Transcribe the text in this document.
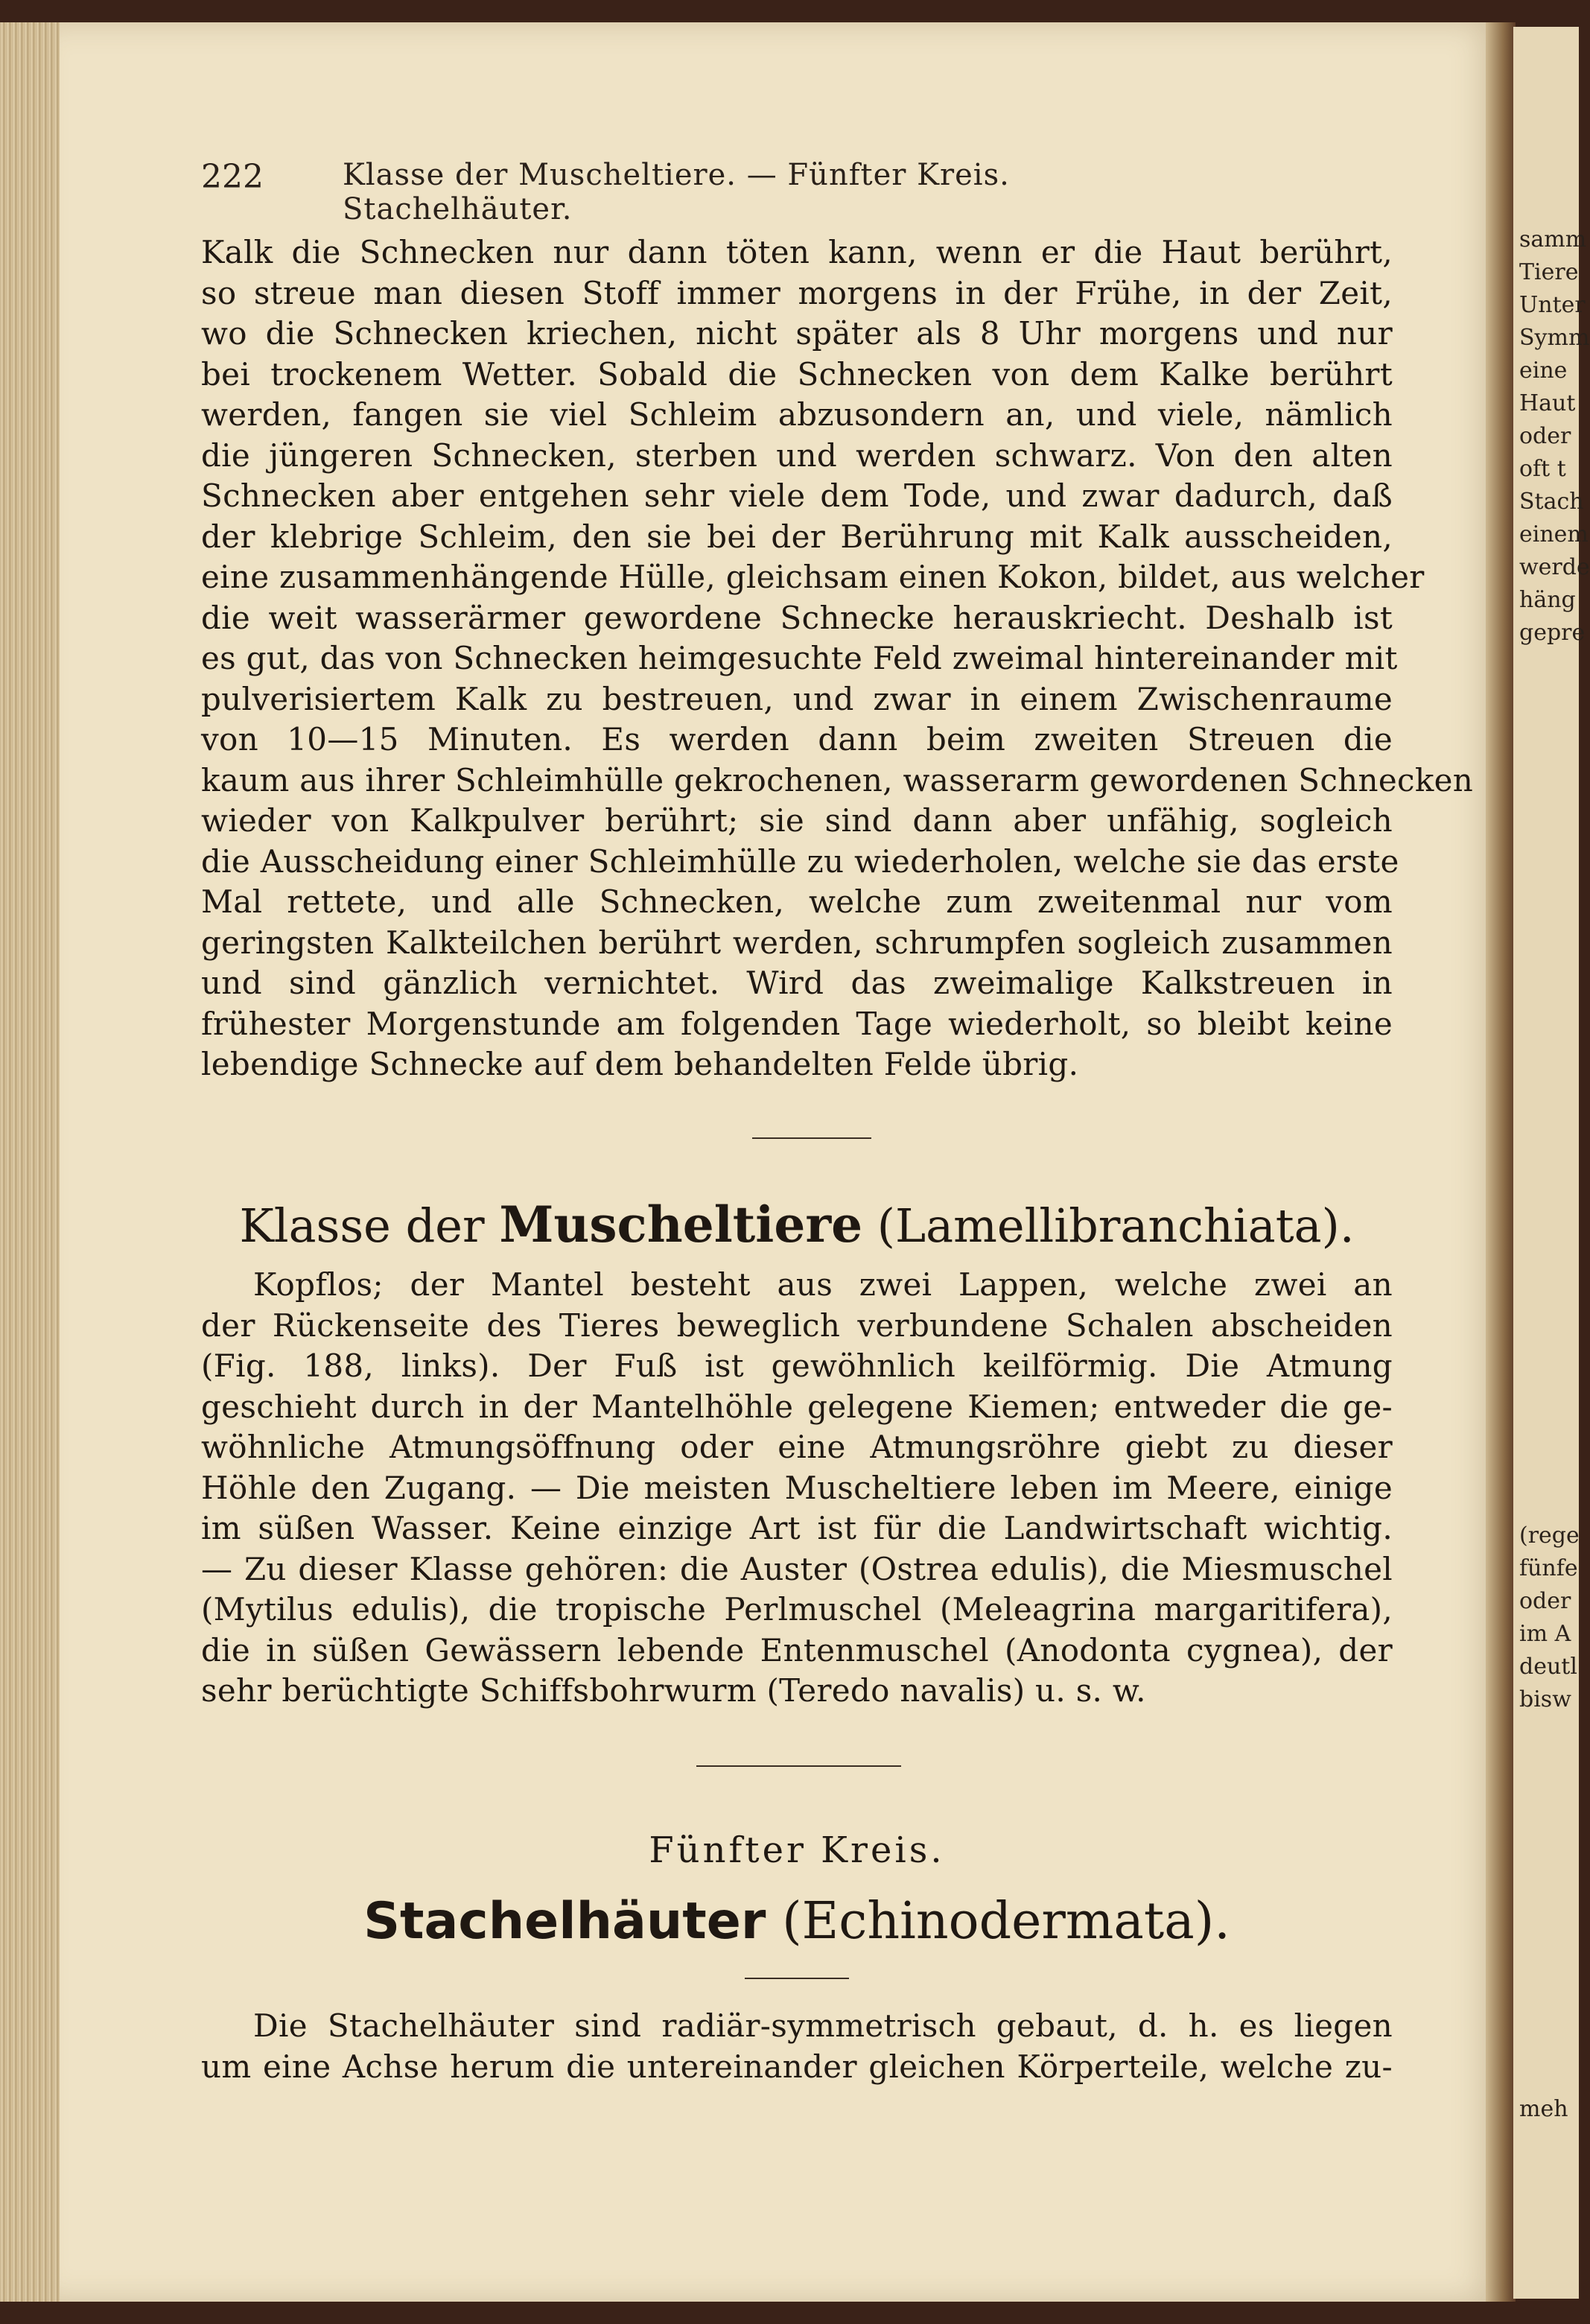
222	Klasse der Muscheltiere. — Fünfter Kreis. Stachelhäuter.
Kalk die Schnecken nur dann töten kann, wenn er die Haut berührt,
so streue man diesen Stoff immer morgens in der Frühe, in der Zeit,
wo die Schnecken kriechen, nicht später als 8 Uhr morgens und nur
bei trockenem Wetter. Sobald die Schnecken von dem Kalke berührt
werden, fangen sie viel Schleim abzusondern an, und viele, nämlich
die jüngeren Schnecken, sterben und werden schwarz. Von den alten
Schnecken aber entgehen sehr viele dem Tode, und zwar dadurch, daß
der klebrige Schleim, den sie bei der Berührung mit Kalk ausscheiden,
eine zusammenhängende Hülle, gleichsam einen Kokon, bildet, aus welcher
die weit wasserärmer gewordene Schnecke herauskriecht. Deshalb ist
es gut, das von Schnecken heimgesuchte Feld zweimal hintereinander mit
pulverisiertem Kalk zu bestreuen, und zwar in einem Zwischenraume
von 10—15 Minuten. Es werden dann beim zweiten Streuen die
kaum aus ihrer Schleimhülle gekrochenen, wasserarm gewordenen Schnecken
wieder von Kalkpulver berührt; sie sind dann aber unfähig, sogleich
die Ausscheidung einer Schleimhülle zu wiederholen, welche sie das erste
Mal rettete, und alle Schnecken, welche zum zweitenmal nur vom
geringsten Kalkteilchen berührt werden, schrumpfen sogleich zusammen
und sind gänzlich vernichtet. Wird das zweimalige Kalkstreuen in
frühester Morgenstunde am folgenden Tage wiederholt, so bleibt keine
lebendige Schnecke auf dem behandelten Felde übrig.
Klasse der Muscheltiere (Lamellibranchiata).
Kopflos; der Mantel besteht aus zwei Lappen, welche zwei an
der Rückenseite des Tieres beweglich verbundene Schalen abscheiden
(Fig. 188, links). Der Fuß ist gewöhnlich keilförmig. Die Atmung
geschieht durch in der Mantelhöhle gelegene Kiemen; entweder die ge-
wöhnliche Atmungsöffnung oder eine Atmungsröhre giebt zu dieser
Höhle den Zugang. — Die meisten Muscheltiere leben im Meere, einige
im süßen Wasser. Keine einzige Art ist für die Landwirtschaft wichtig.
— Zu dieser Klasse gehören: die Auster (Ostrea edulis), die Miesmuschel
(Mytilus edulis), die tropische Perlmuschel (Meleagrina margaritifera),
die in süßen Gewässern lebende Entenmuschel (Anodonta cygnea), der
sehr berüchtigte Schiffsbohrwurm (Teredo navalis) u. s. w.
Fünfter Kreis.
Stachelhäuter (Echinodermata).
Die Stachelhäuter sind radiär-symmetrisch gebaut, d. h. es liegen
um eine Achse herum die untereinander gleichen Körperteile, welche zu-
samm
Tiere
Unter
Symm
eine
Haut
oder
oft t
Stach
einem
werde
häng
gepre
(rege
fünfe
oder
im A
deutl
bisw
meh
